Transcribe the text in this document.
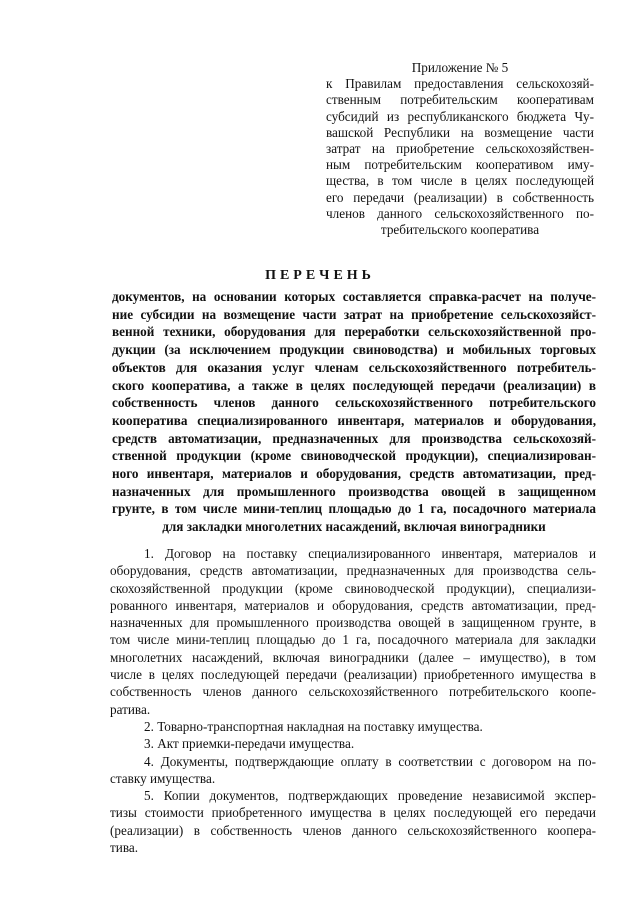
Приложение № 5
к Правилам предоставления сельскохозяй-
ственным потребительским кооперативам
субсидий из республиканского бюджета Чу-
вашской Республики на возмещение части
затрат на приобретение сельскохозяйствен-
ным потребительским кооперативом иму-
щества, в том числе в целях последующей
его передачи (реализации) в собственность
членов данного сельскохозяйственного по-
требительского кооператива
ПЕРЕЧЕНЬ
документов, на основании которых составляется справка-расчет на получе-
ние субсидии на возмещение части затрат на приобретение сельскохозяйст-
венной техники, оборудования для переработки сельскохозяйственной про-
дукции (за исключением продукции свиноводства) и мобильных торговых
объектов для оказания услуг членам сельскохозяйственного потребитель-
ского кооператива, а также в целях последующей передачи (реализации) в
собственность членов данного сельскохозяйственного потребительского
кооператива специализированного инвентаря, материалов и оборудования,
средств автоматизации, предназначенных для производства сельскохозяй-
ственной продукции (кроме свиноводческой продукции), специализирован-
ного инвентаря, материалов и оборудования, средств автоматизации, пред-
назначенных для промышленного производства овощей в защищенном
грунте, в том числе мини-теплиц площадью до 1 га, посадочного материала
для закладки многолетних насаждений, включая виноградники
1. Договор на поставку специализированного инвентаря, материалов и
оборудования, средств автоматизации, предназначенных для производства сель-
скохозяйственной продукции (кроме свиноводческой продукции), специализи-
рованного инвентаря, материалов и оборудования, средств автоматизации, пред-
назначенных для промышленного производства овощей в защищенном грунте, в
том числе мини-теплиц площадью до 1 га, посадочного материала для закладки
многолетних насаждений, включая виноградники (далее – имущество), в том
числе в целях последующей передачи (реализации) приобретенного имущества в
собственность членов данного сельскохозяйственного потребительского коопе-
ратива.
2. Товарно-транспортная накладная на поставку имущества.
3. Акт приемки-передачи имущества.
4. Документы, подтверждающие оплату в соответствии с договором на по-
ставку имущества.
5. Копии документов, подтверждающих проведение независимой экспер-
тизы стоимости приобретенного имущества в целях последующей его передачи
(реализации) в собственность членов данного сельскохозяйственного коопера-
тива.
